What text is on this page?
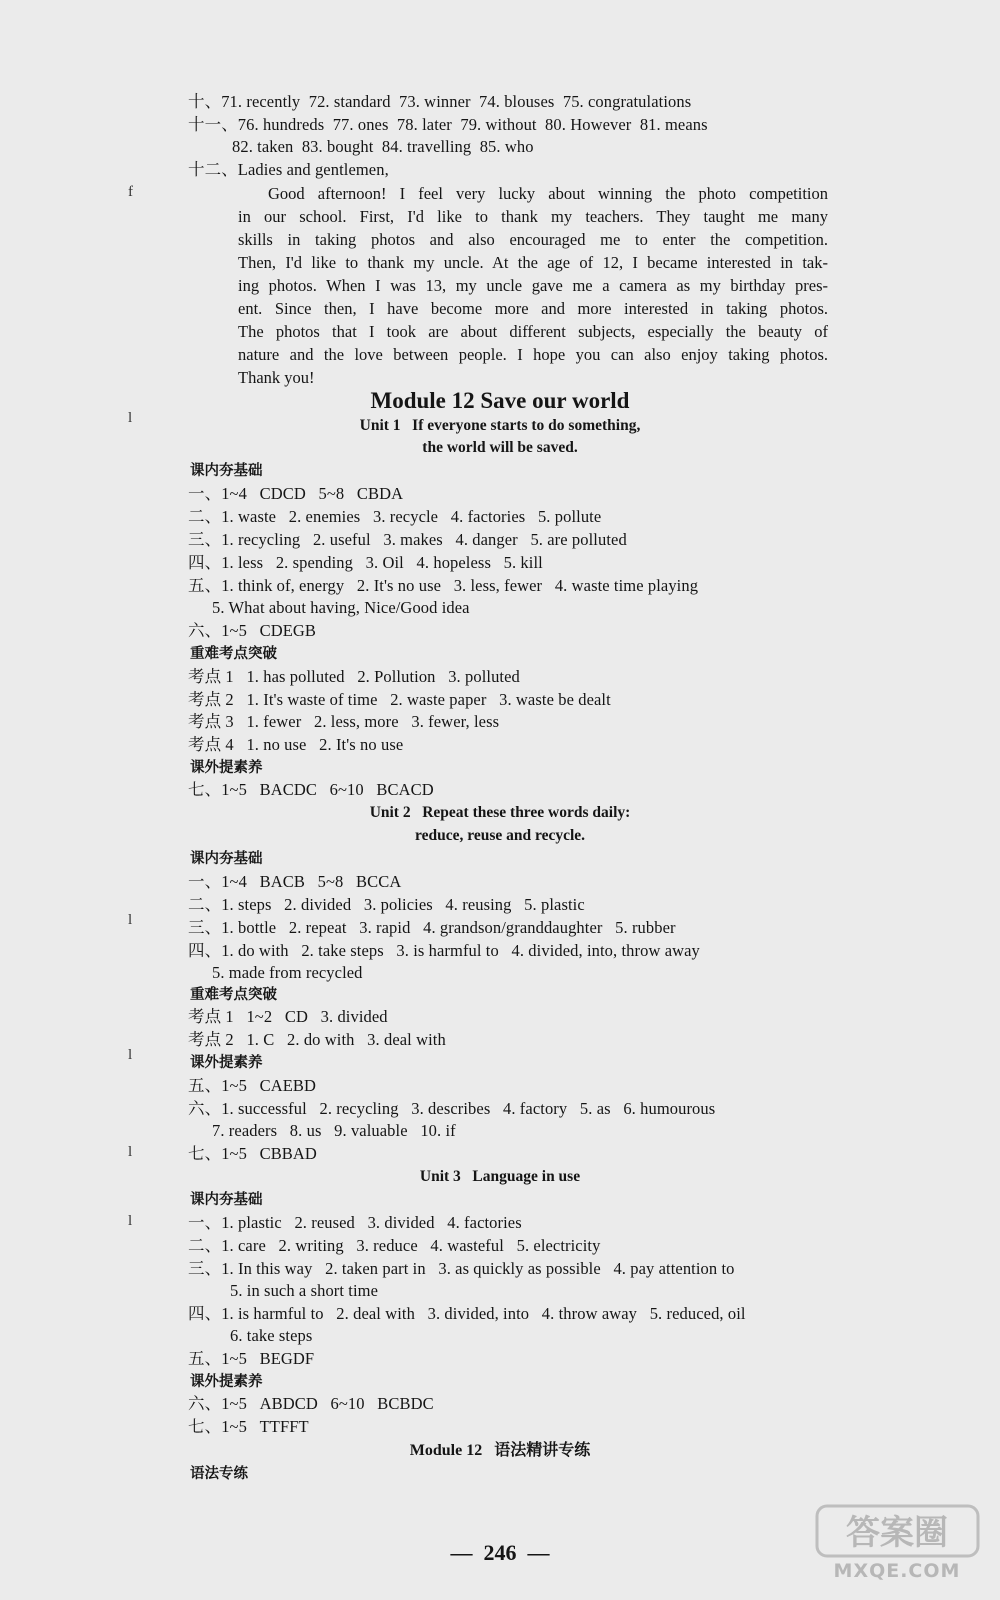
十、71. recently  72. standard  73. winner  74. blouses  75. congratulations
十一、76. hundreds  77. ones  78. later  79. without  80. However  81. means
82. taken  83. bought  84. travelling  85. who
十二、Ladies and gentlemen,
Good afternoon! I feel very lucky about winning the photo competition
in our school. First, I'd like to thank my teachers. They taught me many
skills in taking photos and also encouraged me to enter the competition.
Then, I'd like to thank my uncle. At the age of 12, I became interested in tak-
ing photos. When I was 13, my uncle gave me a camera as my birthday pres-
ent. Since then, I have become more and more interested in taking photos.
The photos that I took are about different subjects, especially the beauty of
nature and the love between people. I hope you can also enjoy taking photos.
Thank you!
Module 12 Save our world
Unit 1   If everyone starts to do something,
the world will be saved.
课内夯基础
一、1~4   CDCD   5~8   CBDA
二、1. waste   2. enemies   3. recycle   4. factories   5. pollute
三、1. recycling   2. useful   3. makes   4. danger   5. are polluted
四、1. less   2. spending   3. Oil   4. hopeless   5. kill
五、1. think of, energy   2. It's no use   3. less, fewer   4. waste time playing
5. What about having, Nice/Good idea
六、1~5   CDEGB
重难考点突破
考点 1   1. has polluted   2. Pollution   3. polluted
考点 2   1. It's waste of time   2. waste paper   3. waste be dealt
考点 3   1. fewer   2. less, more   3. fewer, less
考点 4   1. no use   2. It's no use
课外提素养
七、1~5   BACDC   6~10   BCACD
Unit 2   Repeat these three words daily:
reduce, reuse and recycle.
课内夯基础
一、1~4   BACB   5~8   BCCA
二、1. steps   2. divided   3. policies   4. reusing   5. plastic
三、1. bottle   2. repeat   3. rapid   4. grandson/granddaughter   5. rubber
四、1. do with   2. take steps   3. is harmful to   4. divided, into, throw away
5. made from recycled
重难考点突破
考点 1   1~2   CD   3. divided
考点 2   1. C   2. do with   3. deal with
课外提素养
五、1~5   CAEBD
六、1. successful   2. recycling   3. describes   4. factory   5. as   6. humourous
7. readers   8. us   9. valuable   10. if
七、1~5   CBBAD
Unit 3   Language in use
课内夯基础
一、1. plastic   2. reused   3. divided   4. factories
二、1. care   2. writing   3. reduce   4. wasteful   5. electricity
三、1. In this way   2. taken part in   3. as quickly as possible   4. pay attention to
5. in such a short time
四、1. is harmful to   2. deal with   3. divided, into   4. throw away   5. reduced, oil
6. take steps
五、1~5   BEGDF
课外提素养
六、1~5   ABDCD   6~10   BCBDC
七、1~5   TTFFT
Module 12   语法精讲专练
语法专练
—  246  —
f
l
l
l
l
l
答案圈
MXQE.COM
